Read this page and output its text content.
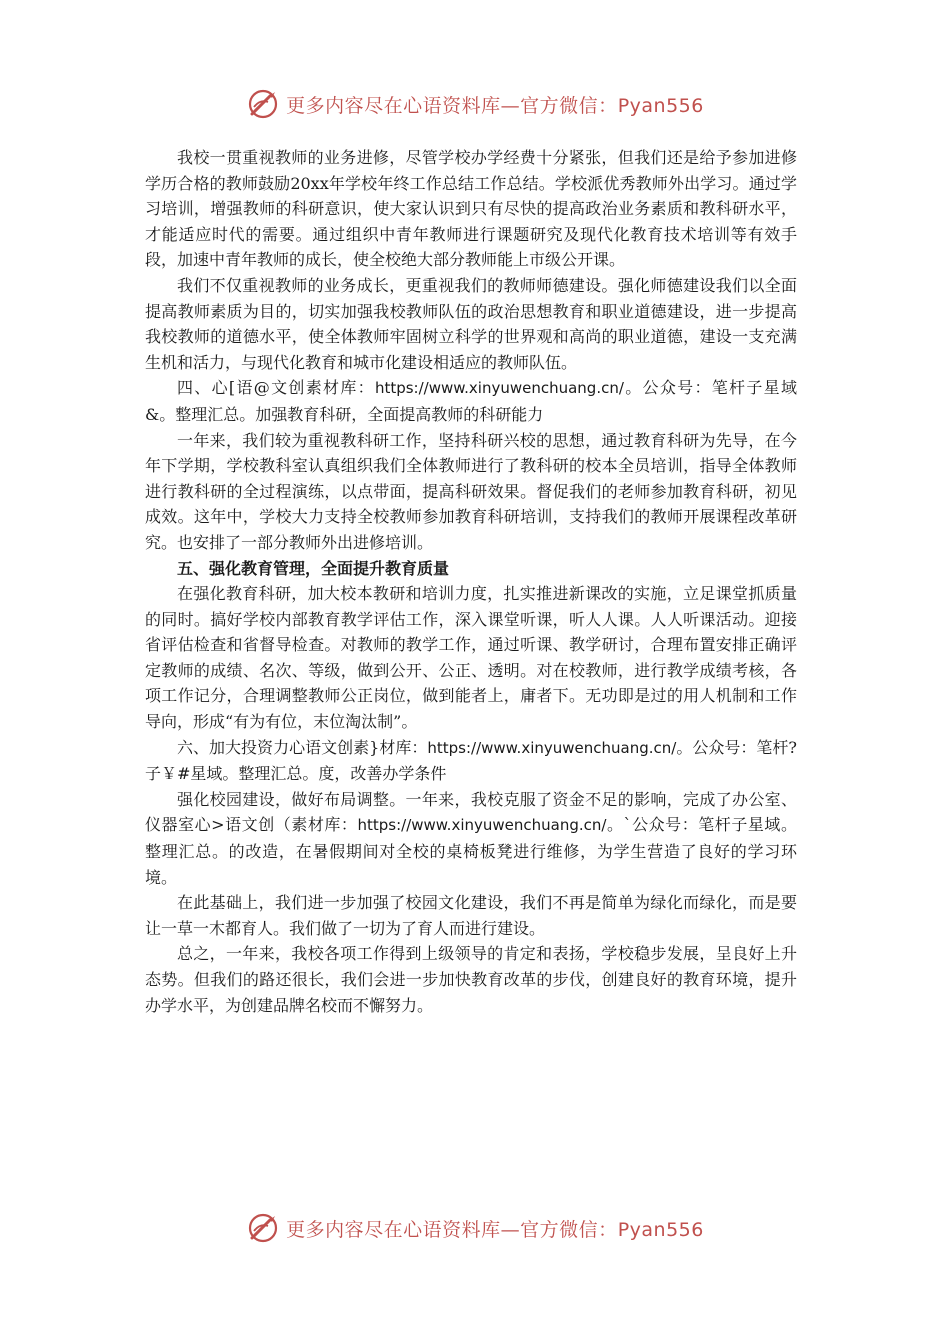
更多内容尽在心语资料库—官方微信：Pyan556

我校一贯重视教师的业务进修，尽管学校办学经费十分紧张，但我们还是给予参加进修学历合格的教师鼓励20xx年学校年终工作总结工作总结。学校派优秀教师外出学习。通过学习培训，增强教师的科研意识，使大家认识到只有尽快的提高政治业务素质和教科研水平，才能适应时代的需要。通过组织中青年教师进行课题研究及现代化教育技术培训等有效手段，加速中青年教师的成长，使全校绝大部分教师能上市级公开课。

我们不仅重视教师的业务成长，更重视我们的教师师德建设。强化师德建设我们以全面提高教师素质为目的，切实加强我校教师队伍的政治思想教育和职业道德建设，进一步提高我校教师的道德水平，使全体教师牢固树立科学的世界观和高尚的职业道德，建设一支充满生机和活力，与现代化教育和城市化建设相适应的教师队伍。

四、心[语@文创素材库：https://www.xinyuwenchuang.cn/。公众号：笔杆子星域&。整理汇总。加强教育科研，全面提高教师的科研能力

一年来，我们较为重视教科研工作，坚持科研兴校的思想，通过教育科研为先导，在今年下学期，学校教科室认真组织我们全体教师进行了教科研的校本全员培训，指导全体教师进行教科研的全过程演练，以点带面，提高科研效果。督促我们的老师参加教育科研，初见成效。这年中，学校大力支持全校教师参加教育科研培训，支持我们的教师开展课程改革研究。也安排了一部分教师外出进修培训。

五、强化教育管理，全面提升教育质量

在强化教育科研，加大校本教研和培训力度，扎实推进新课改的实施，立足课堂抓质量的同时。搞好学校内部教育教学评估工作，深入课堂听课，听人人课。人人听课活动。迎接省评估检查和省督导检查。对教师的教学工作，通过听课、教学研讨，合理布置安排正确评定教师的成绩、名次、等级，做到公开、公正、透明。对在校教师，进行教学成绩考核，各项工作记分，合理调整教师公正岗位，做到能者上，庸者下。无功即是过的用人机制和工作导向，形成“有为有位，末位淘汰制”。

六、加大投资力心语文创素}材库：https://www.xinyuwenchuang.cn/。公众号：笔杆?子￥#星域。整理汇总。度，改善办学条件

强化校园建设，做好布局调整。一年来，我校克服了资金不足的影响，完成了办公室、仪器室心>语文创（素材库：https://www.xinyuwenchuang.cn/。`公众号：笔杆子星域。整理汇总。的改造，在暑假期间对全校的桌椅板凳进行维修，为学生营造了良好的学习环境。

在此基础上，我们进一步加强了校园文化建设，我们不再是简单为绿化而绿化，而是要让一草一木都育人。我们做了一切为了育人而进行建设。

总之，一年来，我校各项工作得到上级领导的肯定和表扬，学校稳步发展，呈良好上升态势。但我们的路还很长，我们会进一步加快教育改革的步伐，创建良好的教育环境，提升办学水平，为创建品牌名校而不懈努力。

更多内容尽在心语资料库—官方微信：Pyan556
